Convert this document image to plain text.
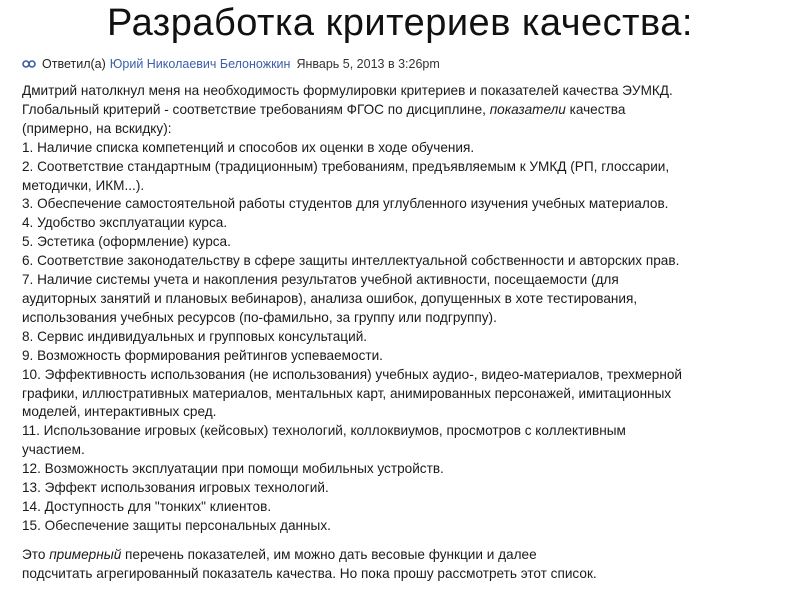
Разработка критериев качества:
Ответил(а) Юрий Николаевич Белоножкин Январь 5, 2013 в 3:26pm

Дмитрий натолкнул меня на необходимость формулировки критериев и показателей качества ЭУМКД.

Глобальный критерий - соответствие требованиям ФГОС по дисциплине, показатели качества

(примерно, на вскидку):

1. Наличие списка компетенций и способов их оценки в ходе обучения.

2. Соответствие стандартным (традиционным) требованиям, предъявляемым к УМКД (РП, глоссарии,

методички, ИКМ...).

3. Обеспечение самостоятельной работы студентов для углубленного изучения учебных материалов.

4. Удобство эксплуатации курса.

5. Эстетика (оформление) курса.

6. Соответствие законодательству в сфере защиты интеллектуальной собственности и авторских прав.

7. Наличие системы учета и накопления результатов учебной активности, посещаемости (для

аудиторных занятий и плановых вебинаров), анализа ошибок, допущенных в хоте тестирования,

использования учебных ресурсов (по-фамильно, за группу или подгруппу).

8. Сервис индивидуальных и групповых консультаций.

9. Возможность формирования рейтингов успеваемости.

10. Эффективность использования (не использования) учебных аудио-, видео-материалов, трехмерной

графики, иллюстративных материалов, ментальных карт, анимированных персонажей, имитационных

моделей, интерактивных сред.

11. Использование игровых (кейсовых) технологий, коллоквиумов, просмотров с коллективным

участием.

12. Возможность эксплуатации при помощи мобильных устройств.

13. Эффект использования игровых технологий.

14. Доступность для "тонких" клиентов.

15. Обеспечение защиты персональных данных.

Это примерный перечень показателей, им можно дать весовые функции и далее

подсчитать агрегированный показатель качества. Но пока прошу рассмотреть этот список.
